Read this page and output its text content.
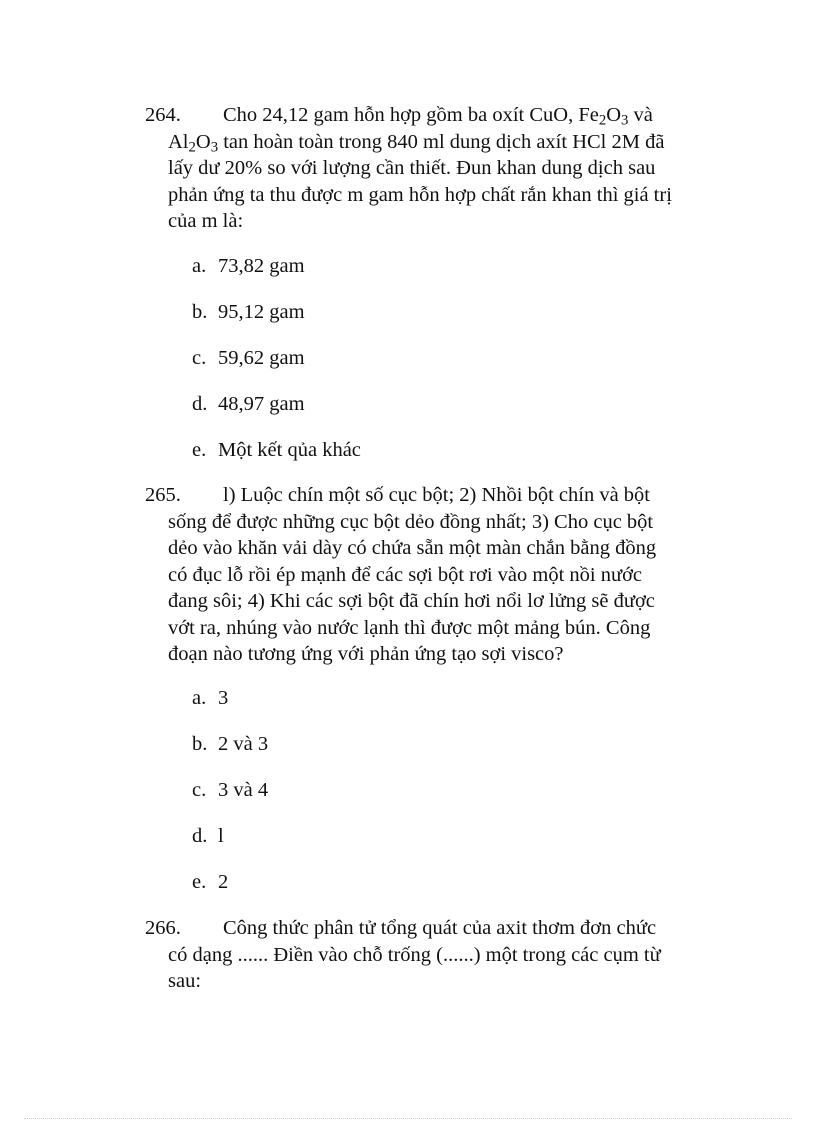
264. Cho 24,12 gam hỗn hợp gồm ba oxít CuO, $Fe_2O_3$ và
$Al_2O_3$ tan hoàn toàn trong 840 ml dung dịch axít HCl 2M đã
lấy dư 20% so với lượng cần thiết. Đun khan dung dịch sau
phản ứng ta thu được m gam hỗn hợp chất rắn khan thì giá trị
của m là:
a. 73,82 gam
b. 95,12 gam
c. 59,62 gam
d. 48,97 gam
e. Một kết qủa khác
265. l) Luộc chín một số cục bột; 2) Nhồi bột chín và bột
sống để được những cục bột dẻo đồng nhất; 3) Cho cục bột
dẻo vào khăn vải dày có chứa sẵn một màn chắn bằng đồng
có đục lỗ rồi ép mạnh để các sợi bột rơi vào một nồi nước
đang sôi; 4) Khi các sợi bột đã chín hơi nổi lơ lửng sẽ được
vớt ra, nhúng vào nước lạnh thì được một mảng bún. Công
đoạn nào tương ứng với phản ứng tạo sợi visco?
a. 3
b. 2 và 3
c. 3 và 4
d. l
e. 2
266. Công thức phân tử tổng quát của axit thơm đơn chức
có dạng ...... Điền vào chỗ trống (......) một trong các cụm từ
sau:
